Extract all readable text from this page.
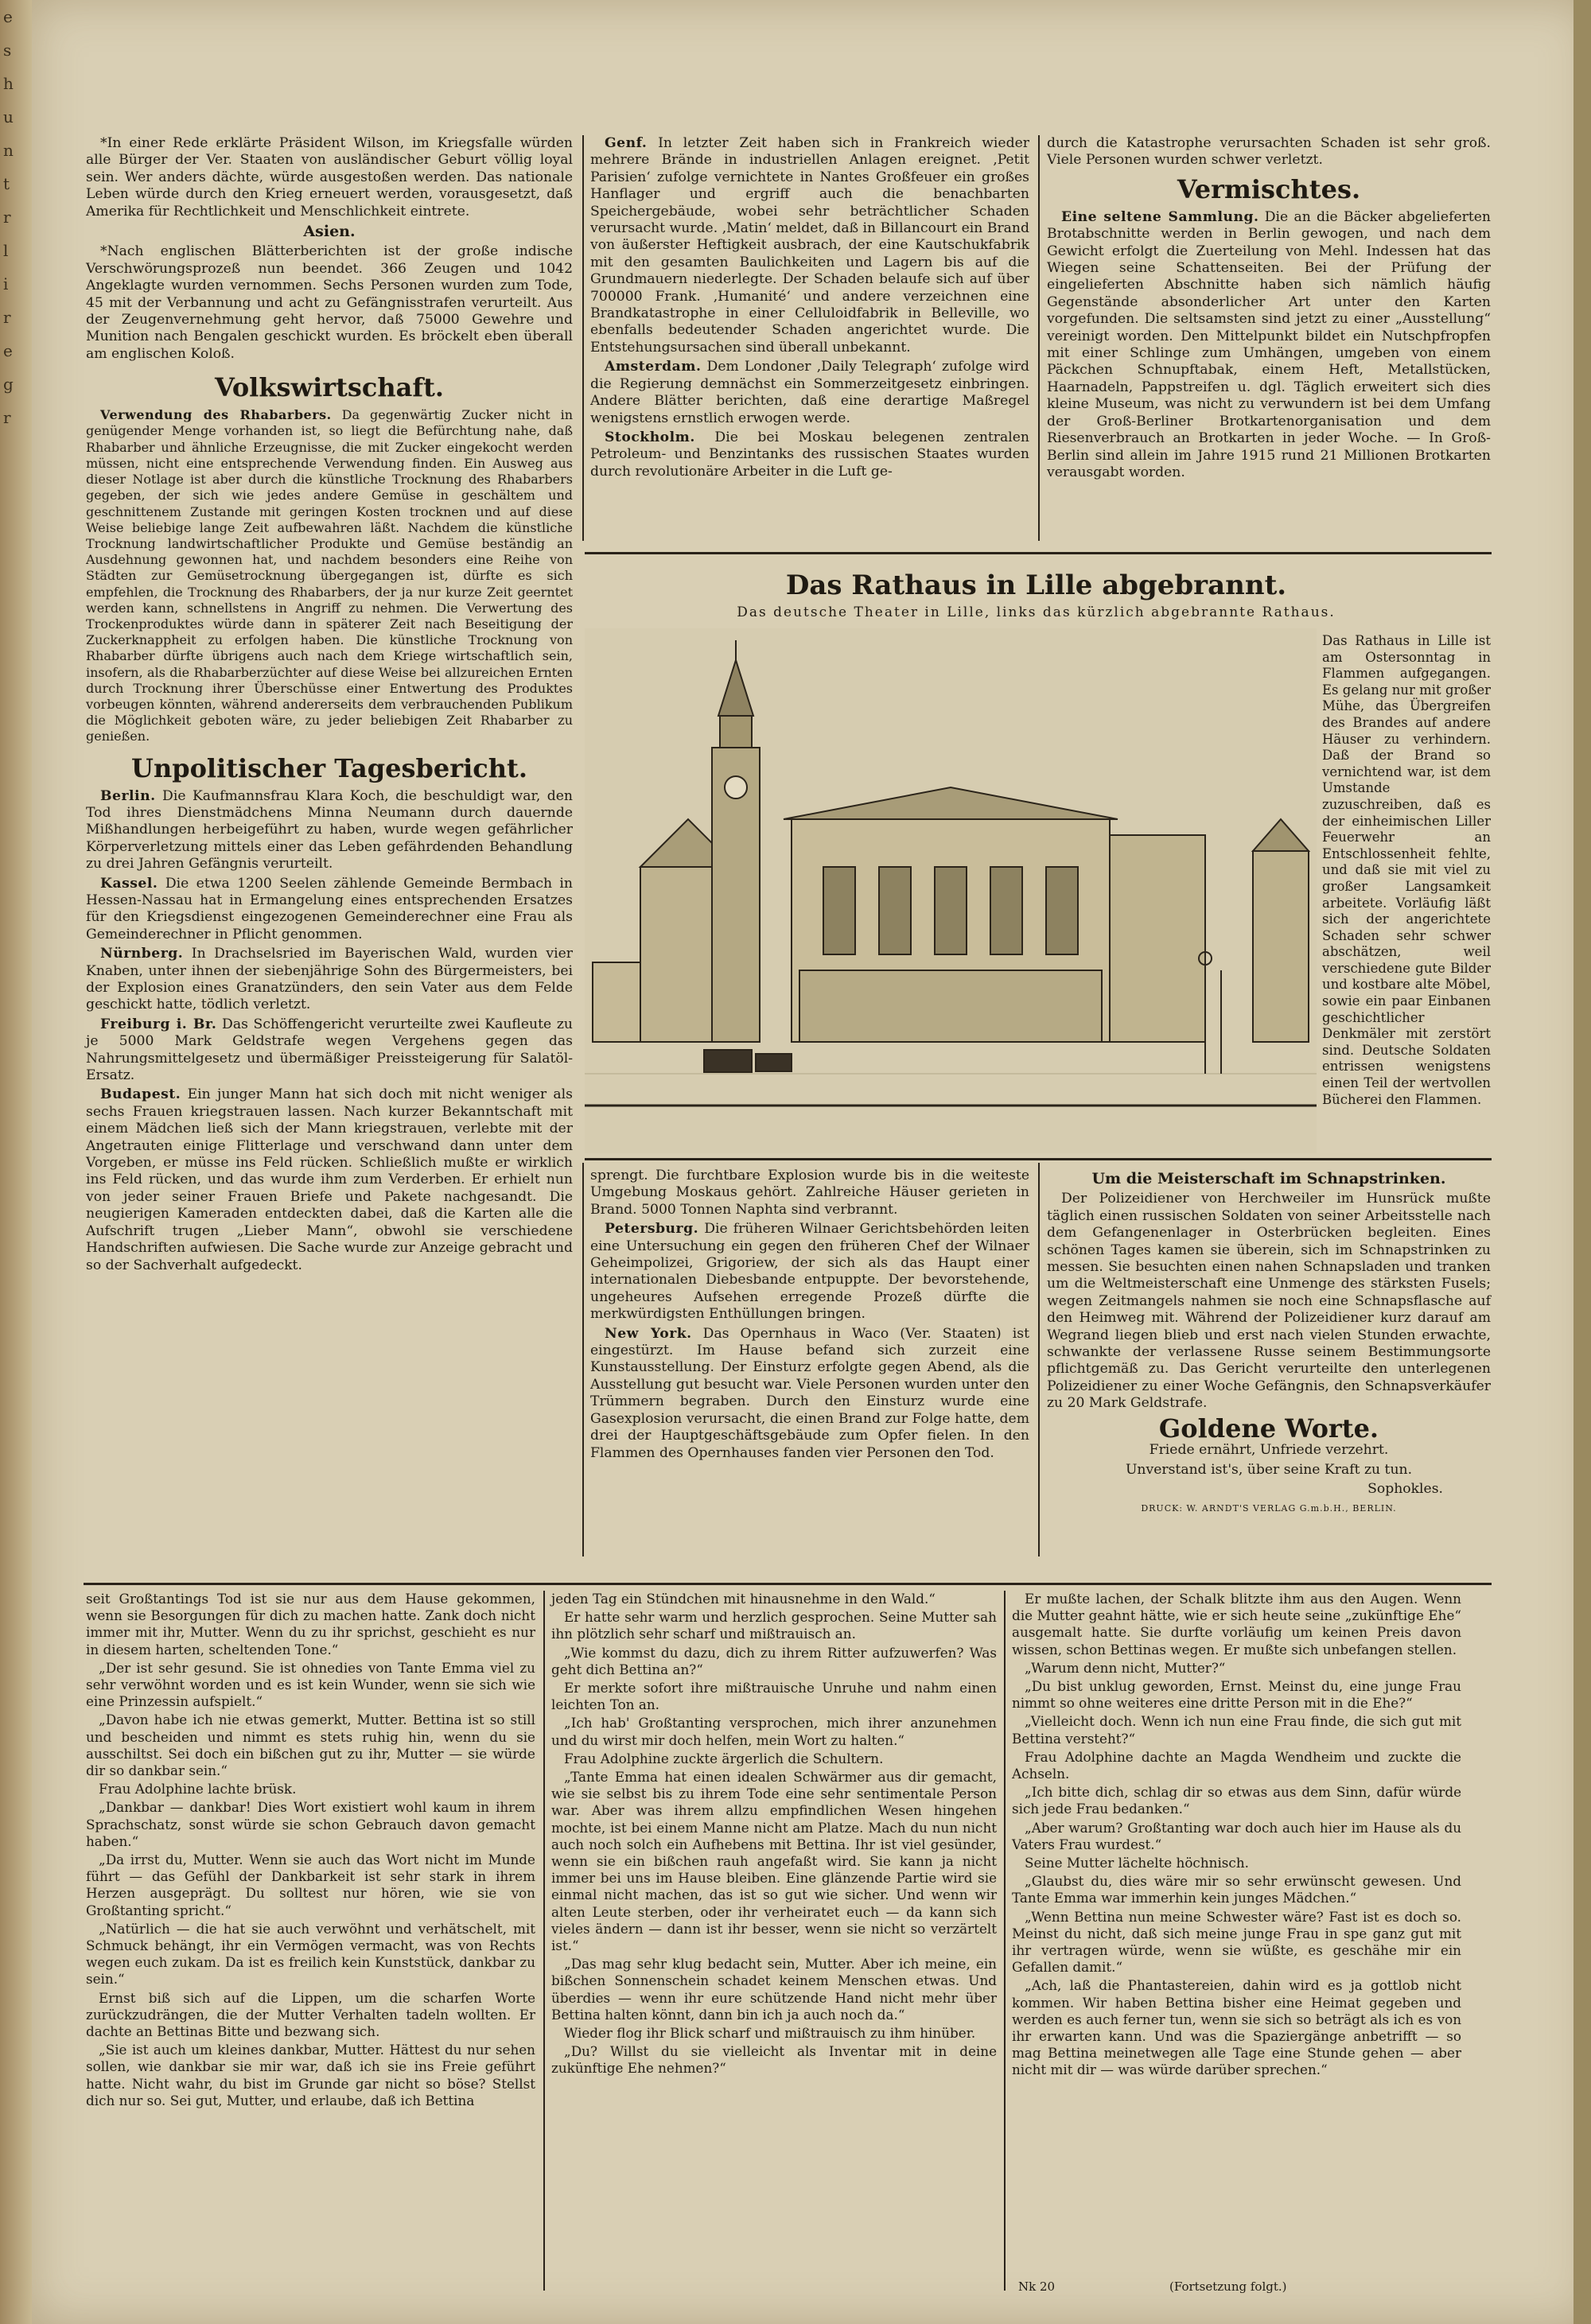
e
s
h
u
n
t
r
l
i
r
e
g
r

*In einer Rede erklärte Präsident Wilson, im Kriegsfalle würden alle Bürger der Ver. Staaten von ausländischer Geburt völlig loyal sein. Wer anders dächte, würde ausgestoßen werden. Das nationale Leben würde durch den Krieg erneuert werden, vorausgesetzt, daß Amerika für Rechtlichkeit und Menschlichkeit eintrete.

Asien.

*Nach englischen Blätterberichten ist der große indische Verschwörungsprozeß nun beendet. 366 Zeugen und 1042 Angeklagte wurden vernommen. Sechs Personen wurden zum Tode, 45 mit der Verbannung und acht zu Gefängnisstrafen verurteilt. Aus der Zeugenvernehmung geht hervor, daß 75000 Gewehre und Munition nach Bengalen geschickt wurden. Es bröckelt eben überall am englischen Koloß.

Volkswirtschaft.

Verwendung des Rhabarbers. Da gegenwärtig Zucker nicht in genügender Menge vorhanden ist, so liegt die Befürchtung nahe, daß Rhabarber und ähnliche Erzeugnisse, die mit Zucker eingekocht werden müssen, nicht eine entsprechende Verwendung finden. Ein Ausweg aus dieser Notlage ist aber durch die künstliche Trocknung des Rhabarbers gegeben, der sich wie jedes andere Gemüse in geschältem und geschnittenem Zustande mit geringen Kosten trocknen und auf diese Weise beliebige lange Zeit aufbewahren läßt. Nachdem die künstliche Trocknung landwirtschaftlicher Produkte und Gemüse beständig an Ausdehnung gewonnen hat, und nachdem besonders eine Reihe von Städten zur Gemüsetrocknung übergegangen ist, dürfte es sich empfehlen, die Trocknung des Rhabarbers, der ja nur kurze Zeit geerntet werden kann, schnellstens in Angriff zu nehmen. Die Verwertung des Trockenproduktes würde dann in späterer Zeit nach Beseitigung der Zuckerknappheit zu erfolgen haben. Die künstliche Trocknung von Rhabarber dürfte übrigens auch nach dem Kriege wirtschaftlich sein, insofern, als die Rhabarberzüchter auf diese Weise bei allzureichen Ernten durch Trocknung ihrer Überschüsse einer Entwertung des Produktes vorbeugen könnten, während andererseits dem verbrauchenden Publikum die Möglichkeit geboten wäre, zu jeder beliebigen Zeit Rhabarber zu genießen.

Unpolitischer Tagesbericht.

Berlin. Die Kaufmannsfrau Klara Koch, die beschuldigt war, den Tod ihres Dienstmädchens Minna Neumann durch dauernde Mißhandlungen herbeigeführt zu haben, wurde wegen gefährlicher Körperverletzung mittels einer das Leben gefährdenden Behandlung zu drei Jahren Gefängnis verurteilt.

Kassel. Die etwa 1200 Seelen zählende Gemeinde Bermbach in Hessen-Nassau hat in Ermangelung eines entsprechenden Ersatzes für den Kriegsdienst eingezogenen Gemeinderechner eine Frau als Gemeinderechner in Pflicht genommen.

Nürnberg. In Drachselsried im Bayerischen Wald, wurden vier Knaben, unter ihnen der siebenjährige Sohn des Bürgermeisters, bei der Explosion eines Granatzünders, den sein Vater aus dem Felde geschickt hatte, tödlich verletzt.

Freiburg i. Br. Das Schöffengericht verurteilte zwei Kaufleute zu je 5000 Mark Geldstrafe wegen Vergehens gegen das Nahrungsmittelgesetz und übermäßiger Preissteigerung für Salatöl-Ersatz.

Budapest. Ein junger Mann hat sich doch mit nicht weniger als sechs Frauen kriegstrauen lassen. Nach kurzer Bekanntschaft mit einem Mädchen ließ sich der Mann kriegstrauen, verlebte mit der Angetrauten einige Flitterlage und verschwand dann unter dem Vorgeben, er müsse ins Feld rücken. Schließlich mußte er wirklich ins Feld rücken, und das wurde ihm zum Verderben. Er erhielt nun von jeder seiner Frauen Briefe und Pakete nachgesandt. Die neugierigen Kameraden entdeckten dabei, daß die Karten alle die Aufschrift trugen „Lieber Mann“, obwohl sie verschiedene Handschriften aufwiesen. Die Sache wurde zur Anzeige gebracht und so der Sachverhalt aufgedeckt.

Genf. In letzter Zeit haben sich in Frankreich wieder mehrere Brände in industriellen Anlagen ereignet. ‚Petit Parisien‘ zufolge vernichtete in Nantes Großfeuer ein großes Hanflager und ergriff auch die benachbarten Speichergebäude, wobei sehr beträchtlicher Schaden verursacht wurde. ‚Matin‘ meldet, daß in Billancourt ein Brand von äußerster Heftigkeit ausbrach, der eine Kautschukfabrik mit den gesamten Baulichkeiten und Lagern bis auf die Grundmauern niederlegte. Der Schaden belaufe sich auf über 700000 Frank. ‚Humanité‘ und andere verzeichnen eine Brandkatastrophe in einer Celluloidfabrik in Belleville, wo ebenfalls bedeutender Schaden angerichtet wurde. Die Entstehungsursachen sind überall unbekannt.

Amsterdam. Dem Londoner ‚Daily Telegraph‘ zufolge wird die Regierung demnächst ein Sommerzeitgesetz einbringen. Andere Blätter berichten, daß eine derartige Maßregel wenigstens ernstlich erwogen werde.

Stockholm. Die bei Moskau belegenen zentralen Petroleum- und Benzintanks des russischen Staates wurden durch revolutionäre Arbeiter in die Luft ge-

durch die Katastrophe verursachten Schaden ist sehr groß. Viele Personen wurden schwer verletzt.

Vermischtes.

Eine seltene Sammlung. Die an die Bäcker abgelieferten Brotabschnitte werden in Berlin gewogen, und nach dem Gewicht erfolgt die Zuerteilung von Mehl. Indessen hat das Wiegen seine Schattenseiten. Bei der Prüfung der eingelieferten Abschnitte haben sich nämlich häufig Gegenstände absonderlicher Art unter den Karten vorgefunden. Die seltsamsten sind jetzt zu einer „Ausstellung“ vereinigt worden. Den Mittelpunkt bildet ein Nutschpfropfen mit einer Schlinge zum Umhängen, umgeben von einem Päckchen Schnupftabak, einem Heft, Metallstücken, Haarnadeln, Pappstreifen u. dgl. Täglich erweitert sich dies kleine Museum, was nicht zu verwundern ist bei dem Umfang der Groß-Berliner Brotkartenorganisation und dem Riesenverbrauch an Brotkarten in jeder Woche. — In Groß-Berlin sind allein im Jahre 1915 rund 21 Millionen Brotkarten verausgabt worden.

Das Rathaus in Lille abgebrannt.
Das deutsche Theater in Lille, links das kürzlich abgebrannte Rathaus.
Das Rathaus in Lille ist am Ostersonntag in Flammen aufgegangen. Es gelang nur mit großer Mühe, das Übergreifen des Brandes auf andere Häuser zu verhindern. Daß der Brand so vernichtend war, ist dem Umstande zuzuschreiben, daß es der einheimischen Liller Feuerwehr an Entschlossenheit fehlte, und daß sie mit viel zu großer Langsamkeit arbeitete. Vorläufig läßt sich der angerichtete Schaden sehr schwer abschätzen, weil verschiedene gute Bilder und kostbare alte Möbel, sowie ein paar Einbanen geschichtlicher Denkmäler mit zerstört sind. Deutsche Soldaten entrissen wenigstens einen Teil der wertvollen Bücherei den Flammen.

sprengt. Die furchtbare Explosion wurde bis in die weiteste Umgebung Moskaus gehört. Zahlreiche Häuser gerieten in Brand. 5000 Tonnen Naphta sind verbrannt.

Petersburg. Die früheren Wilnaer Gerichtsbehörden leiten eine Untersuchung ein gegen den früheren Chef der Wilnaer Geheimpolizei, Grigoriew, der sich als das Haupt einer internationalen Diebesbande entpuppte. Der bevorstehende, ungeheures Aufsehen erregende Prozeß dürfte die merkwürdigsten Enthüllungen bringen.

New York. Das Opernhaus in Waco (Ver. Staaten) ist eingestürzt. Im Hause befand sich zurzeit eine Kunstausstellung. Der Einsturz erfolgte gegen Abend, als die Ausstellung gut besucht war. Viele Personen wurden unter den Trümmern begraben. Durch den Einsturz wurde eine Gasexplosion verursacht, die einen Brand zur Folge hatte, dem drei der Hauptgeschäftsgebäude zum Opfer fielen. In den Flammen des Opernhauses fanden vier Personen den Tod.

Um die Meisterschaft im Schnapstrinken.

Der Polizeidiener von Herchweiler im Hunsrück mußte täglich einen russischen Soldaten von seiner Arbeitsstelle nach dem Gefangenenlager in Osterbrücken begleiten. Eines schönen Tages kamen sie überein, sich im Schnapstrinken zu messen. Sie besuchten einen nahen Schnapsladen und tranken um die Weltmeisterschaft eine Unmenge des stärksten Fusels; wegen Zeitmangels nahmen sie noch eine Schnapsflasche auf den Heimweg mit. Während der Polizeidiener kurz darauf am Wegrand liegen blieb und erst nach vielen Stunden erwachte, schwankte der verlassene Russe seinem Bestimmungsorte pflichtgemäß zu. Das Gericht verurteilte den unterlegenen Polizeidiener zu einer Woche Gefängnis, den Schnapsverkäufer zu 20 Mark Geldstrafe.

Goldene Worte.

Friede ernährt, Unfriede verzehrt.

Unverstand ist's, über seine Kraft zu tun.

Sophokles.

DRUCK: W. ARNDT'S VERLAG G.m.b.H., BERLIN.

seit Großtantings Tod ist sie nur aus dem Hause gekommen, wenn sie Besorgungen für dich zu machen hatte. Zank doch nicht immer mit ihr, Mutter. Wenn du zu ihr sprichst, geschieht es nur in diesem harten, scheltenden Tone.“

„Der ist sehr gesund. Sie ist ohnedies von Tante Emma viel zu sehr verwöhnt worden und es ist kein Wunder, wenn sie sich wie eine Prinzessin aufspielt.“

„Davon habe ich nie etwas gemerkt, Mutter. Bettina ist so still und bescheiden und nimmt es stets ruhig hin, wenn du sie ausschiltst. Sei doch ein bißchen gut zu ihr, Mutter — sie würde dir so dankbar sein.“

Frau Adolphine lachte brüsk.

„Dankbar — dankbar! Dies Wort existiert wohl kaum in ihrem Sprachschatz, sonst würde sie schon Gebrauch davon gemacht haben.“

„Da irrst du, Mutter. Wenn sie auch das Wort nicht im Munde führt — das Gefühl der Dankbarkeit ist sehr stark in ihrem Herzen ausgeprägt. Du solltest nur hören, wie sie von Großtanting spricht.“

„Natürlich — die hat sie auch verwöhnt und verhätschelt, mit Schmuck behängt, ihr ein Vermögen vermacht, was von Rechts wegen euch zukam. Da ist es freilich kein Kunststück, dankbar zu sein.“

Ernst biß sich auf die Lippen, um die scharfen Worte zurückzudrängen, die der Mutter Verhalten tadeln wollten. Er dachte an Bettinas Bitte und bezwang sich.

„Sie ist auch um kleines dankbar, Mutter. Hättest du nur sehen sollen, wie dankbar sie mir war, daß ich sie ins Freie geführt hatte. Nicht wahr, du bist im Grunde gar nicht so böse? Stellst dich nur so. Sei gut, Mutter, und erlaube, daß ich Bettina

jeden Tag ein Stündchen mit hinausnehme in den Wald.“

Er hatte sehr warm und herzlich gesprochen. Seine Mutter sah ihn plötzlich sehr scharf und mißtrauisch an.

„Wie kommst du dazu, dich zu ihrem Ritter aufzuwerfen? Was geht dich Bettina an?“

Er merkte sofort ihre mißtrauische Unruhe und nahm einen leichten Ton an.

„Ich hab' Großtanting versprochen, mich ihrer anzunehmen und du wirst mir doch helfen, mein Wort zu halten.“

Frau Adolphine zuckte ärgerlich die Schultern.

„Tante Emma hat einen idealen Schwärmer aus dir gemacht, wie sie selbst bis zu ihrem Tode eine sehr sentimentale Person war. Aber was ihrem allzu empfindlichen Wesen hingehen mochte, ist bei einem Manne nicht am Platze. Mach du nun nicht auch noch solch ein Aufhebens mit Bettina. Ihr ist viel gesünder, wenn sie ein bißchen rauh angefaßt wird. Sie kann ja nicht immer bei uns im Hause bleiben. Eine glänzende Partie wird sie einmal nicht machen, das ist so gut wie sicher. Und wenn wir alten Leute sterben, oder ihr verheiratet euch — da kann sich vieles ändern — dann ist ihr besser, wenn sie nicht so verzärtelt ist.“

„Das mag sehr klug bedacht sein, Mutter. Aber ich meine, ein bißchen Sonnenschein schadet keinem Menschen etwas. Und überdies — wenn ihr eure schützende Hand nicht mehr über Bettina halten könnt, dann bin ich ja auch noch da.“

Wieder flog ihr Blick scharf und mißtrauisch zu ihm hinüber.

„Du? Willst du sie vielleicht als Inventar mit in deine zukünftige Ehe nehmen?“

Er mußte lachen, der Schalk blitzte ihm aus den Augen. Wenn die Mutter geahnt hätte, wie er sich heute seine „zukünftige Ehe“ ausgemalt hatte. Sie durfte vorläufig um keinen Preis davon wissen, schon Bettinas wegen. Er mußte sich unbefangen stellen.

„Warum denn nicht, Mutter?“

„Du bist unklug geworden, Ernst. Meinst du, eine junge Frau nimmt so ohne weiteres eine dritte Person mit in die Ehe?“

„Vielleicht doch. Wenn ich nun eine Frau finde, die sich gut mit Bettina versteht?“

Frau Adolphine dachte an Magda Wendheim und zuckte die Achseln.

„Ich bitte dich, schlag dir so etwas aus dem Sinn, dafür würde sich jede Frau bedanken.“

„Aber warum? Großtanting war doch auch hier im Hause als du Vaters Frau wurdest.“

Seine Mutter lächelte höchnisch.

„Glaubst du, dies wäre mir so sehr erwünscht gewesen. Und Tante Emma war immerhin kein junges Mädchen.“

„Wenn Bettina nun meine Schwester wäre? Fast ist es doch so. Meinst du nicht, daß sich meine junge Frau in spe ganz gut mit ihr vertragen würde, wenn sie wüßte, es geschähe mir ein Gefallen damit.“

„Ach, laß die Phantastereien, dahin wird es ja gottlob nicht kommen. Wir haben Bettina bisher eine Heimat gegeben und werden es auch ferner tun, wenn sie sich so beträgt als ich es von ihr erwarten kann. Und was die Spaziergänge anbetrifft — so mag Bettina meinetwegen alle Tage eine Stunde gehen — aber nicht mit dir — was würde darüber sprechen.“

Nk 20	(Fortsetzung folgt.)
